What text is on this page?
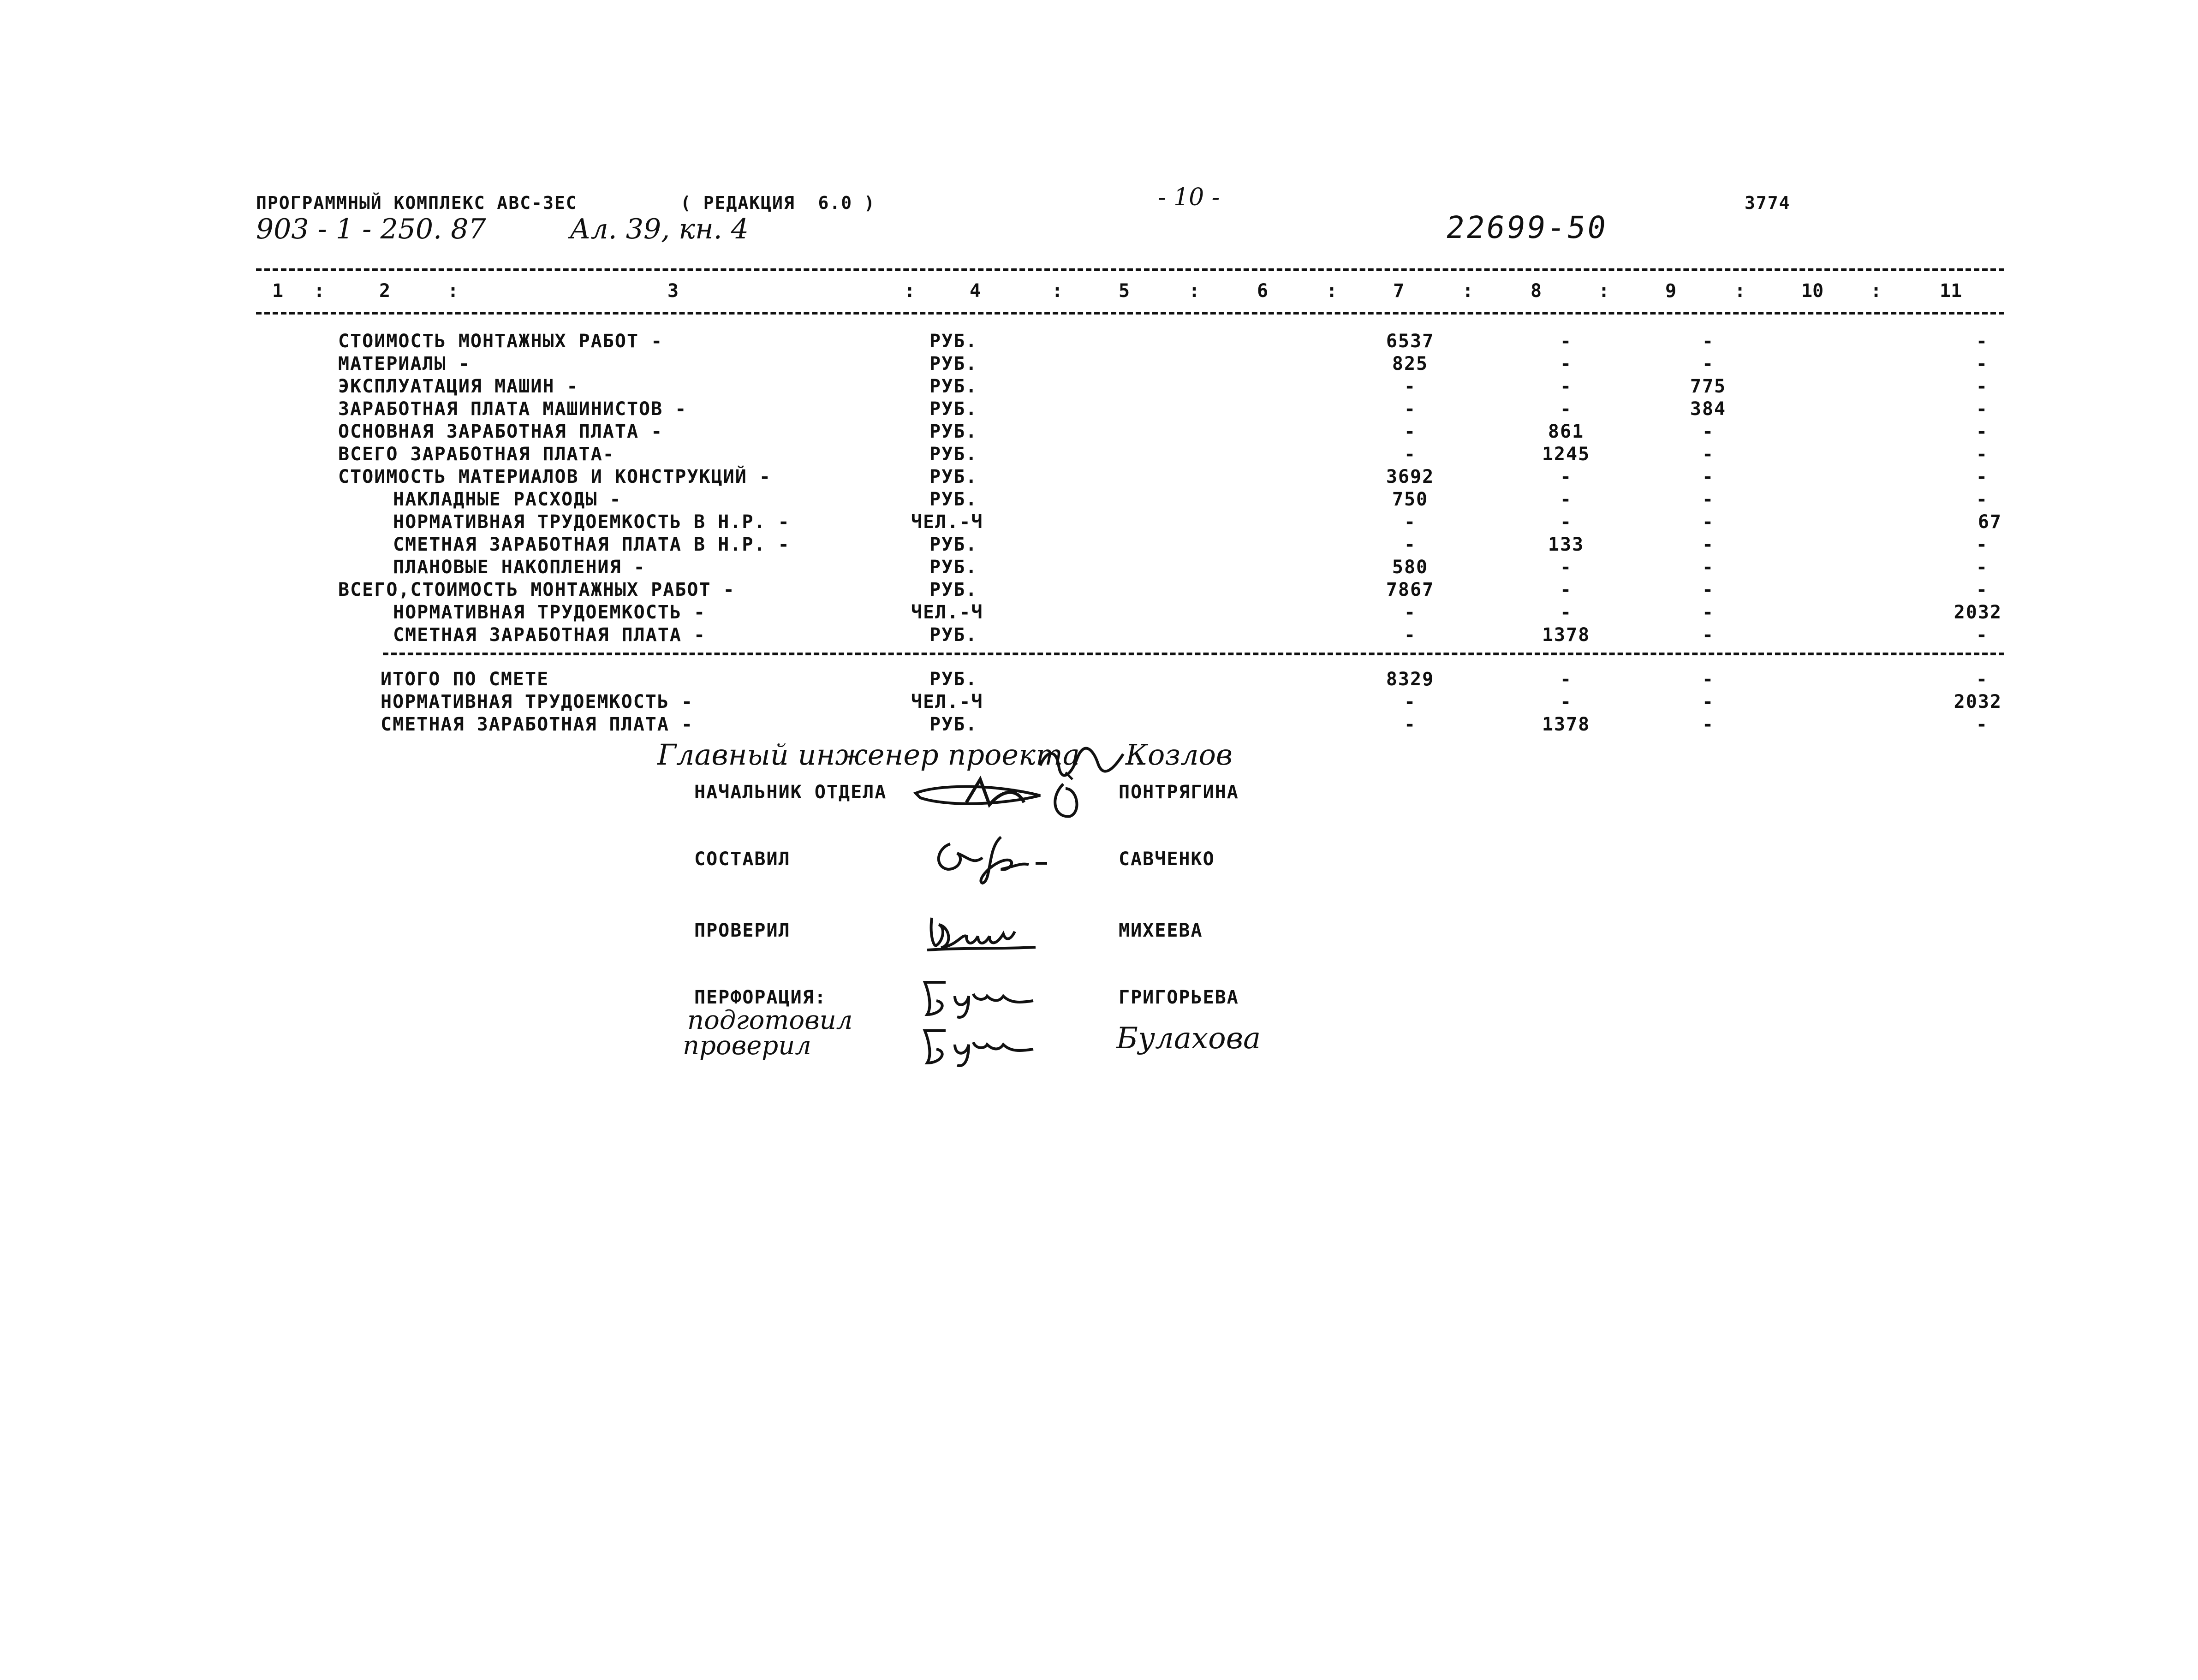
ПРОГРАММНЫЙ КОМПЛЕКС АВС-3ЕС	( РЕДАКЦИЯ  6.0 )	- 10 -	3774
903 - 1 - 250. 87	Ал. 39, кн. 4	22699-50
1 :	2	:	3	:	4	:	5	:	6	:	7	:	8	:	9	:	10	:	11
СТОИМОСТЬ МОНТАЖНЫХ РАБОТ -	РУБ.	6537	-	-	-
МАТЕРИАЛЫ -	РУБ.	825	-	-	-
ЭКСПЛУАТАЦИЯ МАШИН -	РУБ.	-	-	775	-
ЗАРАБОТНАЯ ПЛАТА МАШИНИСТОВ -	РУБ.	-	-	384	-
ОСНОВНАЯ ЗАРАБОТНАЯ ПЛАТА -	РУБ.	-	861	-	-
ВСЕГО ЗАРАБОТНАЯ ПЛАТА-	РУБ.	-	1245	-	-
СТОИМОСТЬ МАТЕРИАЛОВ И КОНСТРУКЦИЙ -	РУБ.	3692	-	-	-
НАКЛАДНЫЕ РАСХОДЫ -	РУБ.	750	-	-	-
НОРМАТИВНАЯ ТРУДОЕМКОСТЬ В Н.Р. -	ЧЕЛ.-Ч	-	-	-	67
СМЕТНАЯ ЗАРАБОТНАЯ ПЛАТА В Н.Р. -	РУБ.	-	133	-	-
ПЛАНОВЫЕ НАКОПЛЕНИЯ -	РУБ.	580	-	-	-
ВСЕГО,СТОИМОСТЬ МОНТАЖНЫХ РАБОТ -	РУБ.	7867	-	-	-
НОРМАТИВНАЯ ТРУДОЕМКОСТЬ -	ЧЕЛ.-Ч	-	-	-	2032
СМЕТНАЯ ЗАРАБОТНАЯ ПЛАТА -	РУБ.	-	1378	-	-
ИТОГО ПО СМЕТЕ	РУБ.	8329	-	-	-
НОРМАТИВНАЯ ТРУДОЕМКОСТЬ -	ЧЕЛ.-Ч	-	-	-	2032
СМЕТНАЯ ЗАРАБОТНАЯ ПЛАТА -	РУБ.	-	1378	-	-
Главный инженер проекта Козлов
НАЧАЛЬНИК ОТДЕЛА	ПОНТРЯГИНА
СОСТАВИЛ	САВЧЕНКО
ПРОВЕРИЛ	МИХЕЕВА
ПЕРФОРАЦИЯ:	ГРИГОРЬЕВА
подготовил
проверил	Булахова
